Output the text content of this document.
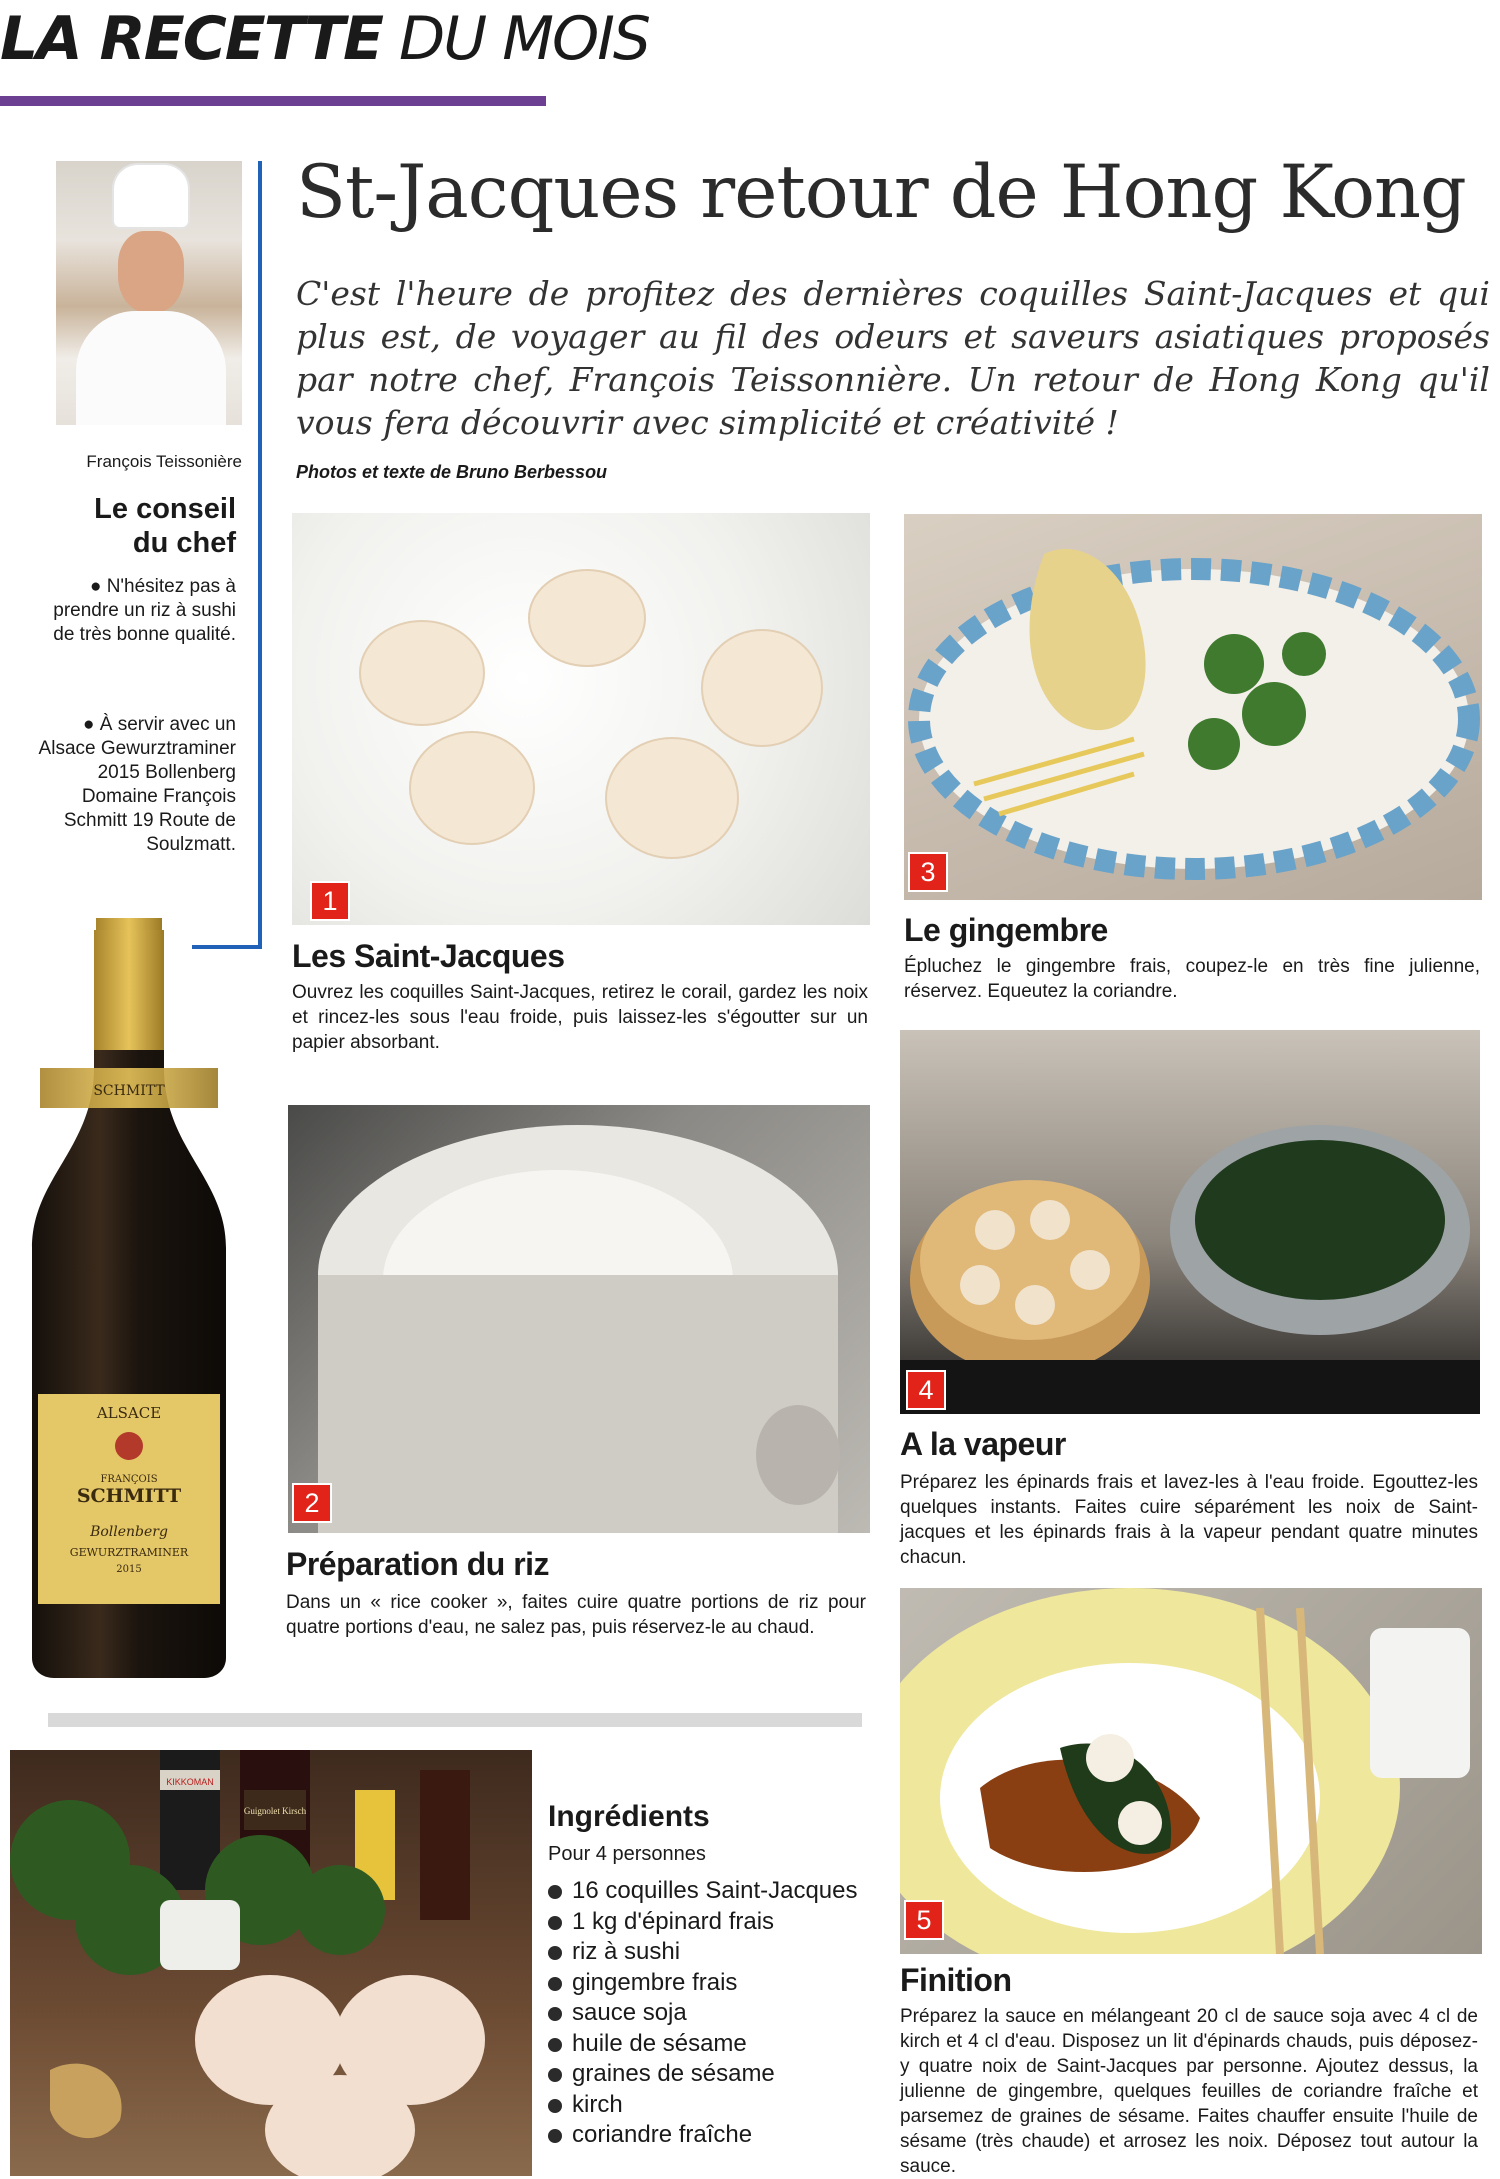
LA RECETTE DU MOIS
François Teissonière
Le conseil du chef
● N'hésitez pas à prendre un riz à sushi de très bonne qualité.
● À servir avec un Alsace Gewurztraminer 2015 Bollenberg Domaine François Schmitt 19 Route de Soulzmatt.
SCHMITT
ALSACE
FRANÇOIS
SCHMITT
Bollenberg
GEWURZTRAMINER
2015
St-Jacques retour de Hong Kong
C'est l'heure de profitez des dernières coquilles Saint-Jacques et qui plus est, de voyager au fil des odeurs et saveurs asiatiques proposés par notre chef, François Teissonnière. Un retour de Hong Kong qu'il vous fera découvrir avec simplicité et créativité !
Photos et texte de Bruno Berbessou
1
Les Saint-Jacques
Ouvrez les coquilles Saint-Jacques, retirez le corail, gardez les noix et rincez-les sous l'eau froide, puis laissez-les s'égoutter sur un papier absorbant.
2
Préparation du riz
Dans un « rice cooker », faites cuire quatre portions de riz pour quatre portions d'eau, ne salez pas, puis réservez-le au chaud.
3
Le gingembre
Épluchez le gingembre frais, coupez-le en très fine julienne, réservez. Equeutez la coriandre.
4
A la vapeur
Préparez les épinards frais et lavez-les à l'eau froide. Egouttez-les quelques instants. Faites cuire séparément les noix de Saint-jacques et les épinards frais à la vapeur pendant quatre minutes chacun.
5
Finition
Préparez la sauce en mélangeant 20 cl de sauce soja avec 4 cl de kirch et 4 cl d'eau. Disposez un lit d'épinards chauds, puis déposez-y quatre noix de Saint-Jacques par personne. Ajoutez dessus, la julienne de gingembre, quelques feuilles de coriandre fraîche et parsemez de graines de sésame. Faites chauffer ensuite l'huile de sésame (très chaude) et arrosez les noix. Déposez tout autour la sauce.
KIKKOMAN
Guignolet Kirsch	Ingrédients
Pour 4 personnes
16 coquilles Saint-Jacques
1 kg d'épinard frais
riz à sushi
gingembre frais
sauce soja
huile de sésame
graines de sésame
kirch
coriandre fraîche
